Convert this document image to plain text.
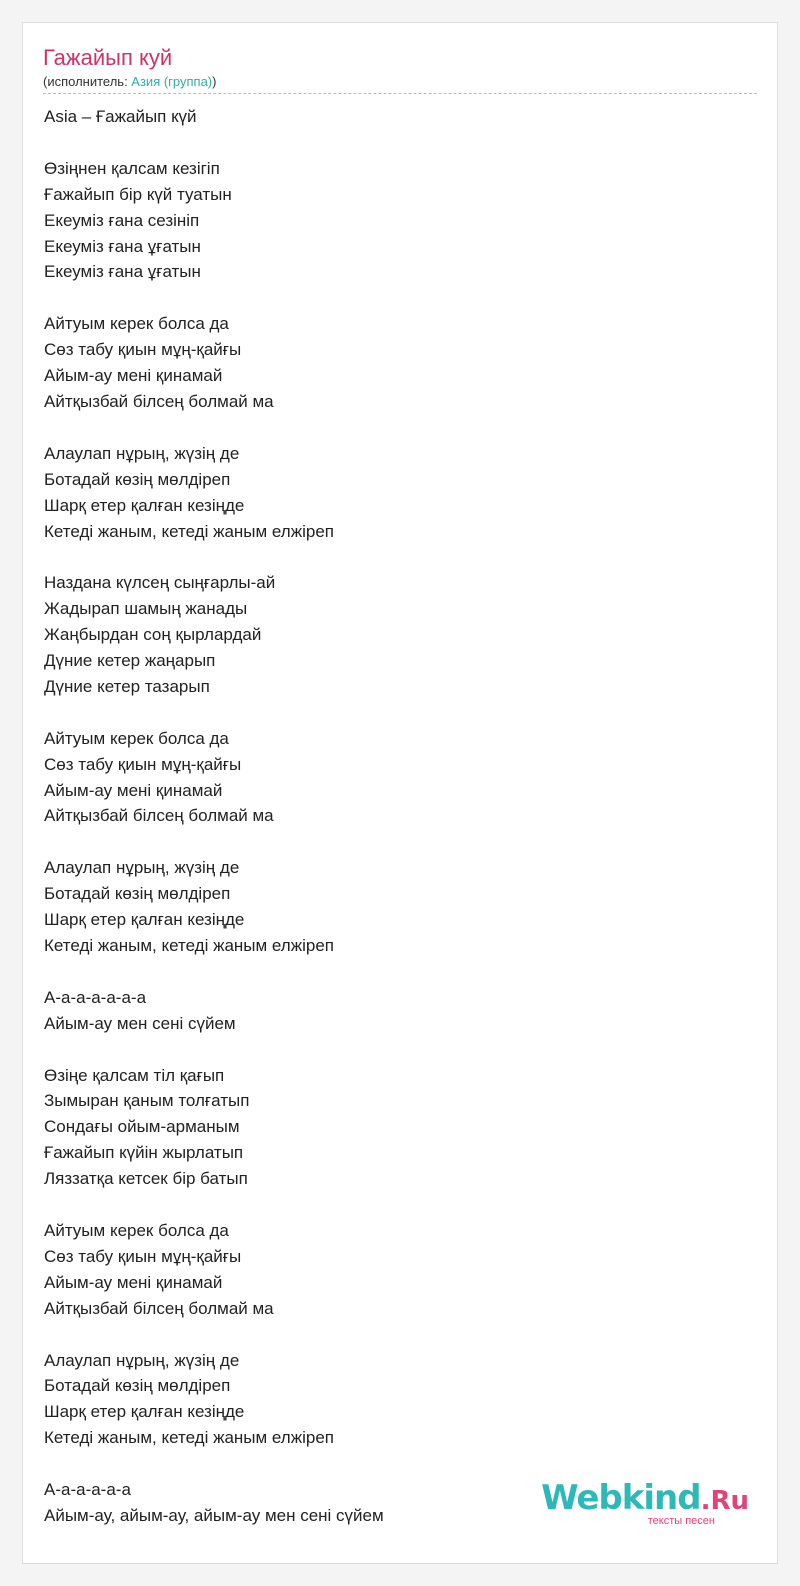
Гажайып куй
(исполнитель: Азия (группа))
Asia – Ғажайып күй

Өзіңнен қалсам кезігіп
Ғажайып бір күй туатын
Екеуміз ғана сезініп
Екеуміз ғана ұғатын
Екеуміз ғана ұғатын

Айтуым керек болса да
Сөз табу қиын мұң-қайғы
Айым-ау мені қинамай
Айтқызбай білсең болмай ма

Алаулап нұрың, жүзің де
Ботадай көзің мөлдіреп
Шарқ етер қалған кезіңде
Кетеді жаным, кетеді жаным елжіреп

Наздана күлсең сыңғарлы-ай
Жадырап шамың жанады
Жаңбырдан соң қырлардай
Дүние кетер жаңарып
Дүние кетер тазарып

Айтуым керек болса да
Сөз табу қиын мұң-қайғы
Айым-ау мені қинамай
Айтқызбай білсең болмай ма

Алаулап нұрың, жүзің де
Ботадай көзің мөлдіреп
Шарқ етер қалған кезіңде
Кетеді жаным, кетеді жаным елжіреп

А-а-а-а-а-а-а
Айым-ау мен сені сүйем

Өзіңе қалсам тіл қағып
Зымыран қаным толғатып
Сондағы ойым-арманым
Ғажайып күйін жырлатып
Ляззатқа кетсек бір батып

Айтуым керек болса да
Сөз табу қиын мұң-қайғы
Айым-ау мені қинамай
Айтқызбай білсең болмай ма

Алаулап нұрың, жүзің де
Ботадай көзің мөлдіреп
Шарқ етер қалған кезіңде
Кетеді жаным, кетеді жаным елжіреп

А-а-а-а-а-а
Айым-ау, айым-ау, айым-ау мен сені сүйем	Webkind.Ru
тексты песен
